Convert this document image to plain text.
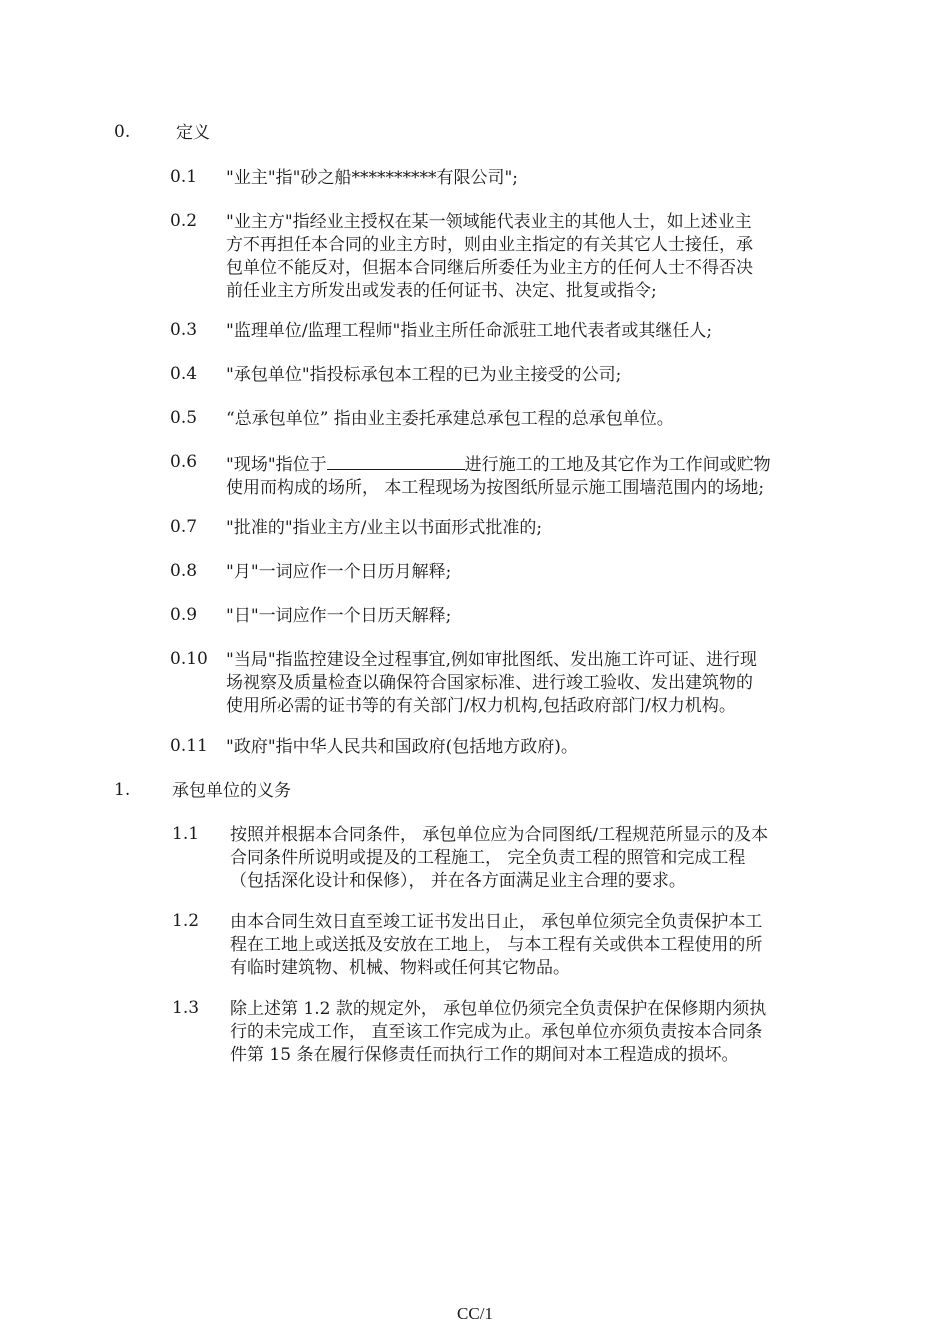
0.	定义
0.1 "业主"指"砂之船**********有限公司";
0.2 "业主方"指经业主授权在某一领域能代表业主的其他人士，如上述业主
方不再担任本合同的业主方时，则由业主指定的有关其它人士接任，承
包单位不能反对，但据本合同继后所委任为业主方的任何人士不得否决
前任业主方所发出或发表的任何证书、决定、批复或指令;
0.3 "监理单位/监理工程师"指业主所任命派驻工地代表者或其继任人;
0.4 "承包单位"指投标承包本工程的已为业主接受的公司;
0.5 “总承包单位” 指由业主委托承建总承包工程的总承包单位。
0.6 "现场"指位于	进行施工的工地及其它作为工作间或贮物
使用而构成的场所， 本工程现场为按图纸所显示施工围墙范围内的场地;
0.7 "批准的"指业主方/业主以书面形式批准的;
0.8 "月"一词应作一个日历月解释;
0.9 "日"一词应作一个日历天解释;
0.10 "当局"指监控建设全过程事宜,例如审批图纸、发出施工许可证、进行现
场视察及质量检查以确保符合国家标准、进行竣工验收、发出建筑物的
使用所必需的证书等的有关部门/权力机构,包括政府部门/权力机构。
0.11 "政府"指中华人民共和国政府(包括地方政府)。
1. 承包单位的义务
1.1 按照并根据本合同条件， 承包单位应为合同图纸/工程规范所显示的及本
合同条件所说明或提及的工程施工， 完全负责工程的照管和完成工程
（包括深化设计和保修）， 并在各方面满足业主合理的要求。
1.2 由本合同生效日直至竣工证书发出日止， 承包单位须完全负责保护本工
程在工地上或送抵及安放在工地上， 与本工程有关或供本工程使用的所
有临时建筑物、机械、物料或任何其它物品。
1.3 除上述第 1.2 款的规定外， 承包单位仍须完全负责保护在保修期内须执
行的未完成工作， 直至该工作完成为止。承包单位亦须负责按本合同条
件第 15 条在履行保修责任而执行工作的期间对本工程造成的损坏。
CC/1
